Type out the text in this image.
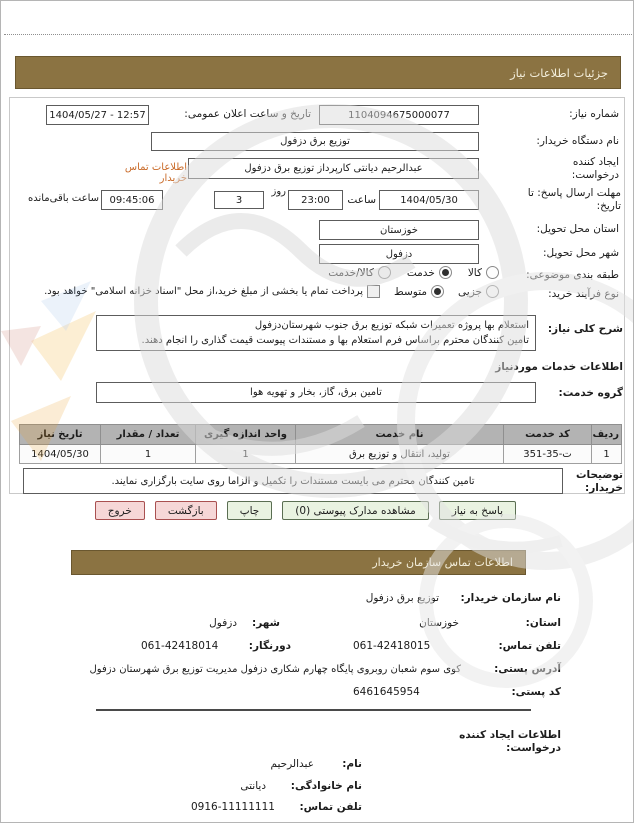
جزئیات اطلاعات نیاز
شماره نیاز:
1104094675000077
تاریخ و ساعت اعلان عمومی:
1404/05/27 - 12:57
نام دستگاه خریدار:
توزیع برق دزفول
ایجاد کننده درخواست:
عبدالرحیم دیانتی کارپرداز توزیع برق دزفول
اطلاعات تماس خریدار
مهلت ارسال پاسخ: تا تاریخ:
1404/05/30
ساعت
23:00
روز
3
09:45:06
ساعت باقی‌مانده
استان محل تحویل:
خوزستان
شهر محل تحویل:
دزفول
طبقه بندی موضوعی:
کالا
خدمت
کالا/خدمت
نوع فرآیند خرید:
جزیی
متوسط
پرداخت تمام یا بخشی از مبلغ خرید،از محل "اسناد خزانه اسلامی" خواهد بود.
شرح کلی نیاز:
استعلام بها پروژه تعمیرات شبکه توزیع برق جنوب شهرستان‌دزفول
تامین کنندگان محترم براساس فرم استعلام بها و مستندات پیوست قیمت گذاری را انجام دهند.
اطلاعات خدمات موردنیاز
گروه خدمت:
تامین برق، گاز، بخار و تهویه هوا
ردیف	کد خدمت	نام خدمت	واحد اندازه گیری	تعداد / مقدار	تاریخ نیاز
1	ت-35-351	تولید، انتقال و توزیع برق	1	1	1404/05/30
توضیحات خریدار:
تامین کنندگان محترم می بایست مستندات را تکمیل و الزاما روی سایت بارگزاری نمایند.
پاسخ به نیاز
مشاهده مدارک پیوستی (0)
چاپ
بازگشت
خروج
اطلاعات تماس سازمان خریدار
نام سازمان خریدار:
توزیع برق دزفول
استان:
خوزستان
شهر:
دزفول
تلفن تماس:
061-42418015
دورنگار:
061-42418014
آدرس پستی:
کوی سوم شعبان روبروی پایگاه چهارم شکاری دزفول مدیریت توزیع برق شهرستان دزفول
کد پستی:
6461645954
اطلاعات ایجاد کننده درخواست:
نام:
عبدالرحیم
نام خانوادگی:
دیانتی
تلفن تماس:
0916-11111111
